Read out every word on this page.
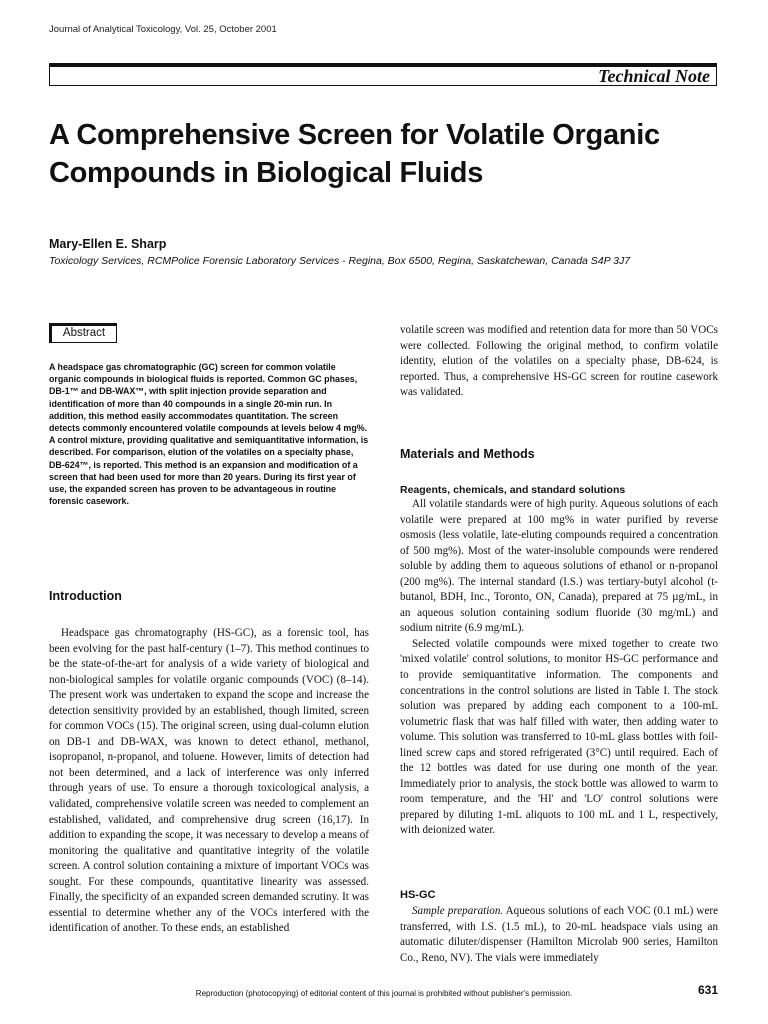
Journal of Analytical Toxicology, Vol. 25, October 2001
Technical Note
A Comprehensive Screen for Volatile Organic Compounds in Biological Fluids
Mary-Ellen E. Sharp
Toxicology Services, RCMPolice Forensic Laboratory Services - Regina, Box 6500, Regina, Saskatchewan, Canada S4P 3J7
Abstract
A headspace gas chromatographic (GC) screen for common volatile organic compounds in biological fluids is reported. Common GC phases, DB-1™ and DB-WAX™, with split injection provide separation and identification of more than 40 compounds in a single 20-min run. In addition, this method easily accommodates quantitation. The screen detects commonly encountered volatile compounds at levels below 4 mg%. A control mixture, providing qualitative and semiquantitative information, is described. For comparison, elution of the volatiles on a specialty phase, DB-624™, is reported. This method is an expansion and modification of a screen that had been used for more than 20 years. During its first year of use, the expanded screen has proven to be advantageous in routine forensic casework.
Introduction

Headspace gas chromatography (HS-GC), as a forensic tool, has been evolving for the past half-century (1–7). This method continues to be the state-of-the-art for analysis of a wide variety of biological and non-biological samples for volatile organic compounds (VOC) (8–14). The present work was undertaken to expand the scope and increase the detection sensitivity provided by an established, though limited, screen for common VOCs (15). The original screen, using dual-column elution on DB-1 and DB-WAX, was known to detect ethanol, methanol, isopropanol, n-propanol, and toluene. However, limits of detection had not been determined, and a lack of interference was only inferred through years of use. To ensure a thorough toxicological analysis, a validated, comprehensive volatile screen was needed to complement an established, validated, and comprehensive drug screen (16,17). In addition to expanding the scope, it was necessary to develop a means of monitoring the qualitative and quantitative integrity of the volatile screen. A control solution containing a mixture of important VOCs was sought. For these compounds, quantitative linearity was assessed. Finally, the specificity of an expanded screen demanded scrutiny. It was essential to determine whether any of the VOCs interfered with the identification of another. To these ends, an established

volatile screen was modified and retention data for more than 50 VOCs were collected. Following the original method, to confirm volatile identity, elution of the volatiles on a specialty phase, DB-624, is reported. Thus, a comprehensive HS-GC screen for routine casework was validated.

Materials and Methods
Reagents, chemicals, and standard solutions

All volatile standards were of high purity. Aqueous solutions of each volatile were prepared at 100 mg% in water purified by reverse osmosis (less volatile, late-eluting compounds required a concentration of 500 mg%). Most of the water-insoluble compounds were rendered soluble by adding them to aqueous solutions of ethanol or n-propanol (200 mg%). The internal standard (I.S.) was tertiary-butyl alcohol (t-butanol, BDH, Inc., Toronto, ON, Canada), prepared at 75 µg/mL, in an aqueous solution containing sodium fluoride (30 mg/mL) and sodium nitrite (6.9 mg/mL).

Selected volatile compounds were mixed together to create two 'mixed volatile' control solutions, to monitor HS-GC performance and to provide semiquantitative information. The components and concentrations in the control solutions are listed in Table I. The stock solution was prepared by adding each component to a 100-mL volumetric flask that was half filled with water, then adding water to volume. This solution was transferred to 10-mL glass bottles with foil-lined screw caps and stored refrigerated (3°C) until required. Each of the 12 bottles was dated for use during one month of the year. Immediately prior to analysis, the stock bottle was allowed to warm to room temperature, and the 'HI' and 'LO' control solutions were prepared by diluting 1-mL aliquots to 100 mL and 1 L, respectively, with deionized water.

HS-GC

Sample preparation. Aqueous solutions of each VOC (0.1 mL) were transferred, with I.S. (1.5 mL), to 20-mL headspace vials using an automatic diluter/dispenser (Hamilton Microlab 900 series, Hamilton Co., Reno, NV). The vials were immediately

Reproduction (photocopying) of editorial content of this journal is prohibited without publisher's permission.	631
